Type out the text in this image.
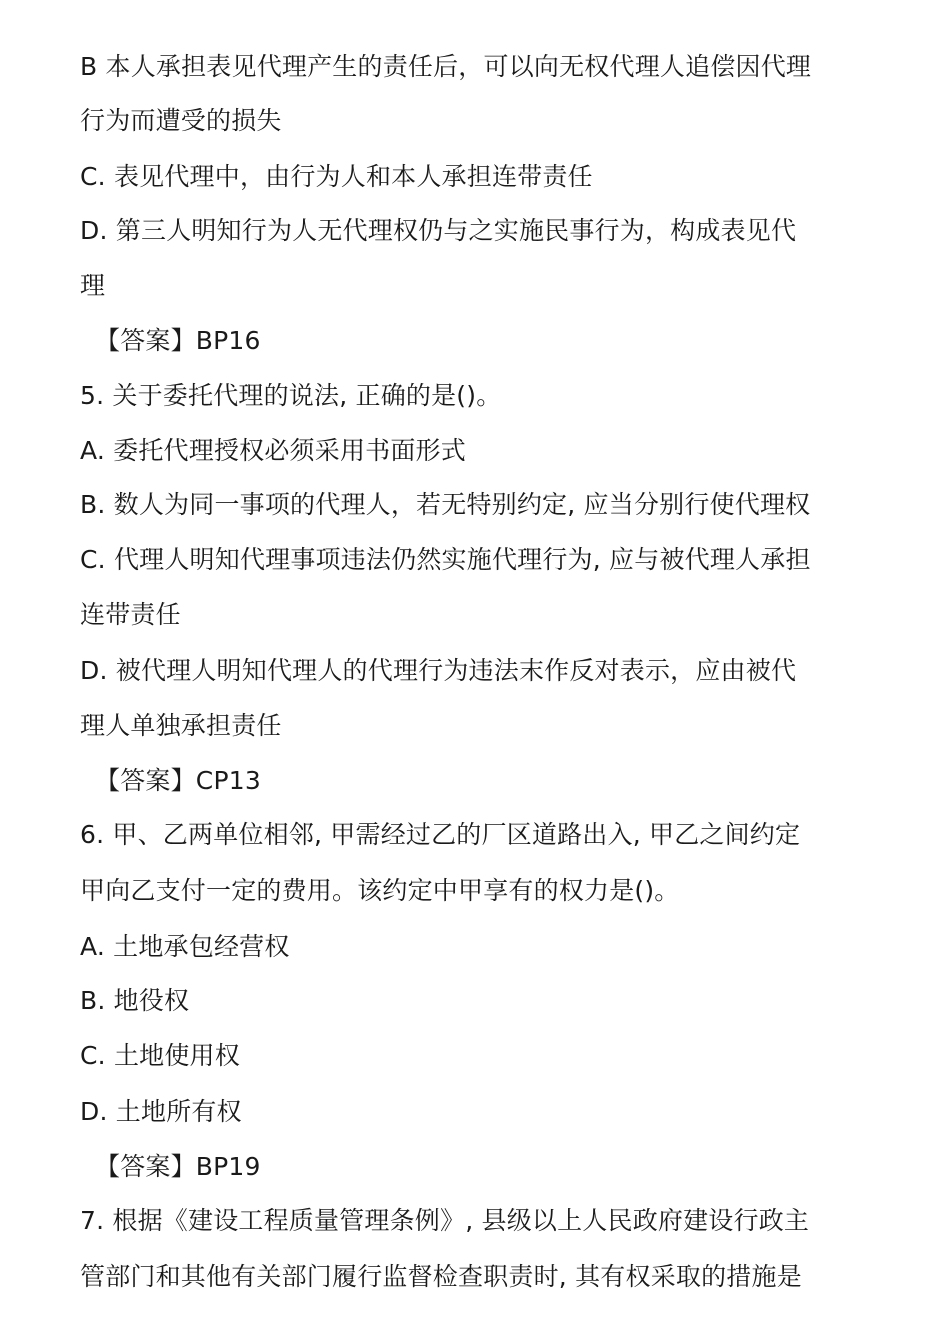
B 本人承担表见代理产生的责任后，可以向无权代理人追偿因代理
行为而遭受的损失
C. 表见代理中，由行为人和本人承担连带责任
D. 第三人明知行为人无代理权仍与之实施民事行为，构成表见代
理
【答案】BP16
5. 关于委托代理的说法, 正确的是()。
A. 委托代理授权必须采用书面形式
B. 数人为同一事项的代理人，若无特别约定, 应当分别行使代理权
C. 代理人明知代理事项违法仍然实施代理行为, 应与被代理人承担
连带责任
D. 被代理人明知代理人的代理行为违法末作反对表示，应由被代
理人单独承担责任
【答案】CP13
6. 甲、乙两单位相邻, 甲需经过乙的厂区道路出入, 甲乙之间约定
甲向乙支付一定的费用。该约定中甲享有的权力是()。
A. 土地承包经营权
B. 地役权
C. 土地使用权
D. 土地所有权
【答案】BP19
7. 根据《建设工程质量管理条例》, 县级以上人民政府建设行政主
管部门和其他有关部门履行监督检查职责时, 其有权采取的措施是
